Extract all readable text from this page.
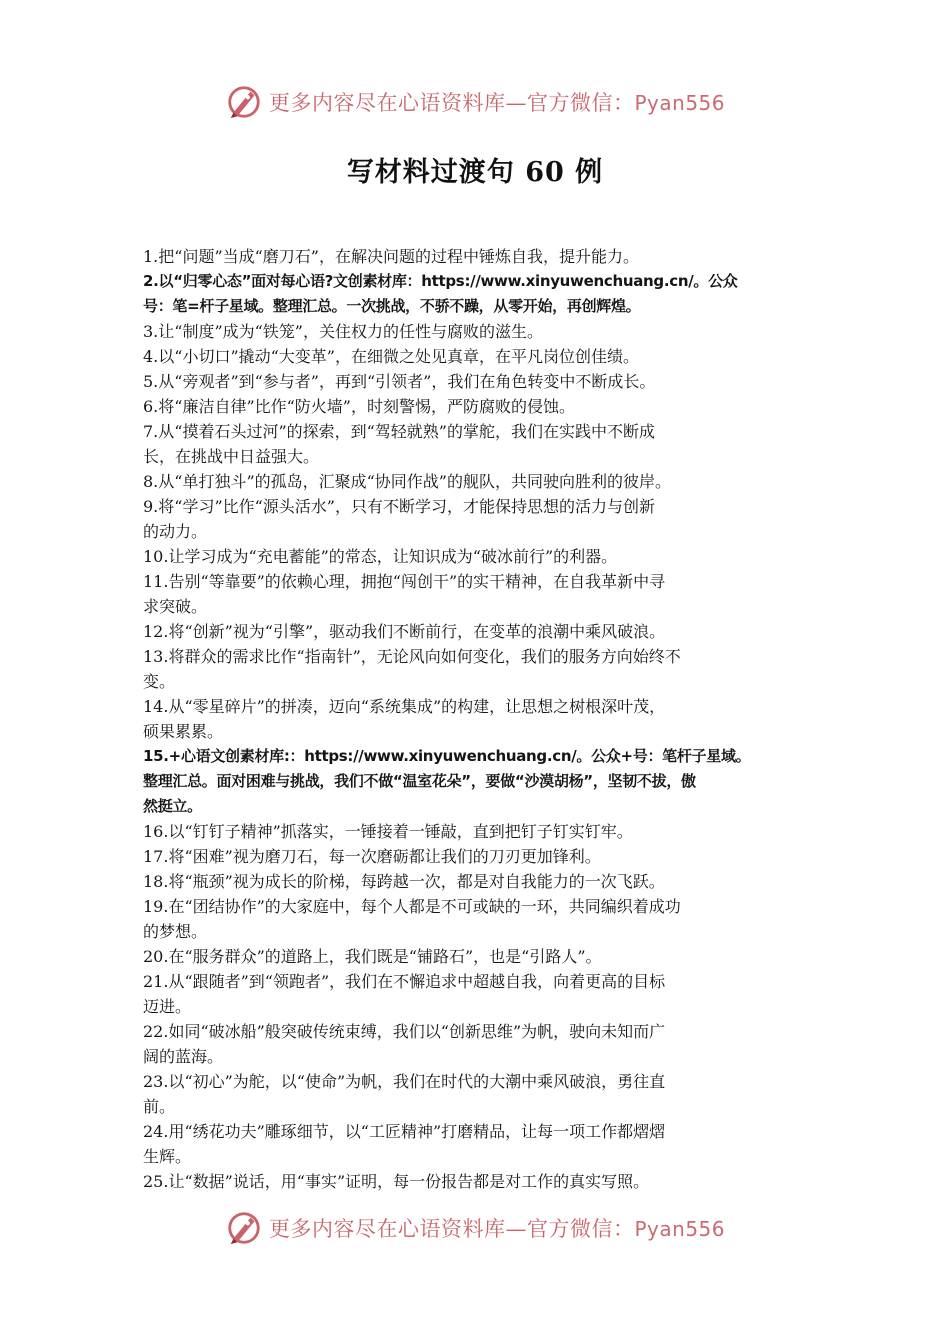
更多内容尽在心语资料库—官方微信：Pyan556
写材料过渡句 60 例
1.把“问题”当成“磨刀石”，在解决问题的过程中锤炼自我，提升能力。
2.以“归零心态”面对每心语?文创素材库：https://www.xinyuwenchuang.cn/。公众
号：笔=杆子星域。整理汇总。一次挑战，不骄不躁，从零开始，再创辉煌。
3.让“制度”成为“铁笼”，关住权力的任性与腐败的滋生。
4.以“小切口”撬动“大变革”，在细微之处见真章，在平凡岗位创佳绩。
5.从“旁观者”到“参与者”，再到“引领者”，我们在角色转变中不断成长。
6.将“廉洁自律”比作“防火墙”，时刻警惕，严防腐败的侵蚀。
7.从“摸着石头过河”的探索，到“驾轻就熟”的掌舵，我们在实践中不断成
长，在挑战中日益强大。
8.从“单打独斗”的孤岛，汇聚成“协同作战”的舰队，共同驶向胜利的彼岸。
9.将“学习”比作“源头活水”，只有不断学习，才能保持思想的活力与创新
的动力。
10.让学习成为“充电蓄能”的常态，让知识成为“破冰前行”的利器。
11.告别“等靠要”的依赖心理，拥抱“闯创干”的实干精神，在自我革新中寻
求突破。
12.将“创新”视为“引擎”，驱动我们不断前行，在变革的浪潮中乘风破浪。
13.将群众的需求比作“指南针”，无论风向如何变化，我们的服务方向始终不
变。
14.从“零星碎片”的拼凑，迈向“系统集成”的构建，让思想之树根深叶茂，
硕果累累。
15.+心语文创素材库:：https://www.xinyuwenchuang.cn/。公众+号：笔杆子星域。
整理汇总。面对困难与挑战，我们不做“温室花朵”，要做“沙漠胡杨”，坚韧不拔，傲
然挺立。
16.以“钉钉子精神”抓落实，一锤接着一锤敲，直到把钉子钉实钉牢。
17.将“困难”视为磨刀石，每一次磨砺都让我们的刀刃更加锋利。
18.将“瓶颈”视为成长的阶梯，每跨越一次，都是对自我能力的一次飞跃。
19.在“团结协作”的大家庭中，每个人都是不可或缺的一环，共同编织着成功
的梦想。
20.在“服务群众”的道路上，我们既是“铺路石”，也是“引路人”。
21.从“跟随者”到“领跑者”，我们在不懈追求中超越自我，向着更高的目标
迈进。
22.如同“破冰船”般突破传统束缚，我们以“创新思维”为帆，驶向未知而广
阔的蓝海。
23.以“初心”为舵，以“使命”为帆，我们在时代的大潮中乘风破浪，勇往直
前。
24.用“绣花功夫”雕琢细节，以“工匠精神”打磨精品，让每一项工作都熠熠
生辉。
25.让“数据”说话，用“事实”证明，每一份报告都是对工作的真实写照。
更多内容尽在心语资料库—官方微信：Pyan556
